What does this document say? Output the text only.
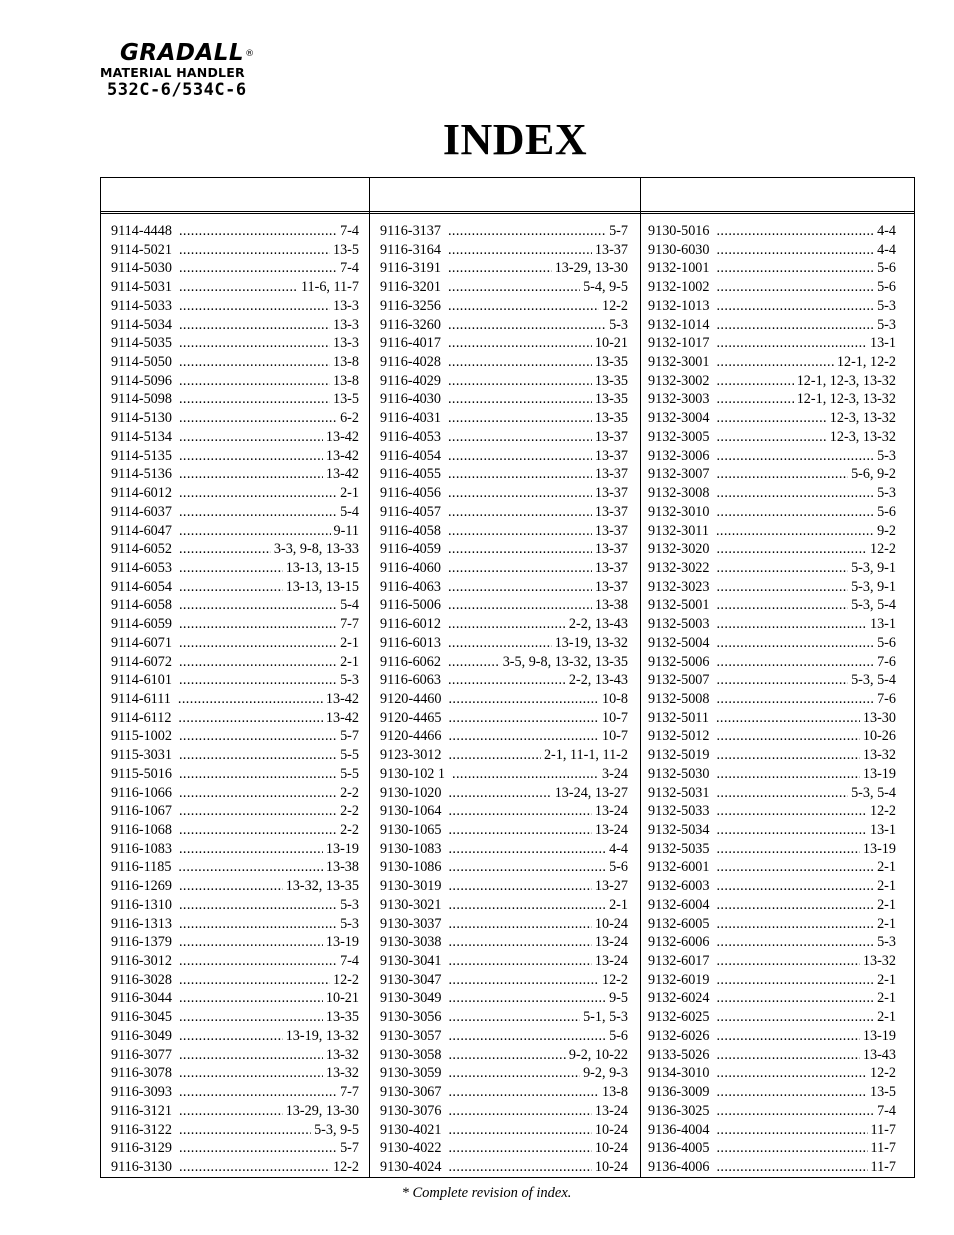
GRADALL®
MATERIAL HANDLER
532C-6/534C-6
INDEX
9114-4448 .....	7-4
9114-5021 .....	13-5
9114-5030 .....	7-4
9114-5031 .....	11-6, 11-7
9114-5033 .....	13-3
9114-5034 .....	13-3
9114-5035 .....	13-3
9114-5050 .....	13-8
9114-5096 .....	13-8
9114-5098 .....	13-5
9114-5130 .....	6-2
9114-5134 .....	13-42
9114-5135 .....	13-42
9114-5136 .....	13-42
9114-6012 .....	2-1
9114-6037 .....	5-4
9114-6047 .....	9-11
9114-6052 .....	3-3, 9-8, 13-33
9114-6053 .....	13-13, 13-15
9114-6054 .....	13-13, 13-15
9114-6058 .....	5-4
9114-6059 .....	7-7
9114-6071 .....	2-1
9114-6072 .....	2-1
9114-6101 .....	5-3
9114-6111 .....	13-42
9114-6112 .....	13-42
9115-1002 .....	5-7
9115-3031 .....	5-5
9115-5016 .....	5-5
9116-1066 .....	2-2
9116-1067 .....	2-2
9116-1068 .....	2-2
9116-1083 .....	13-19
9116-1185 .....	13-38
9116-1269 .....	13-32, 13-35
9116-1310 .....	5-3
9116-1313 .....	5-3
9116-1379 .....	13-19
9116-3012 .....	7-4
9116-3028 .....	12-2
9116-3044 .....	10-21
9116-3045 .....	13-35
9116-3049 .....	13-19, 13-32
9116-3077 .....	13-32
9116-3078 .....	13-32
9116-3093 .....	7-7
9116-3121 .....	13-29, 13-30
9116-3122 .....	5-3, 9-5
9116-3129 .....	5-7
9116-3130 .....	12-2
9116-3137 .....	5-7
9116-3164 .....	13-37
9116-3191 .....	13-29, 13-30
9116-3201 .....	5-4, 9-5
9116-3256 .....	12-2
9116-3260 .....	5-3
9116-4017 .....	10-21
9116-4028 .....	13-35
9116-4029 .....	13-35
9116-4030 .....	13-35
9116-4031 .....	13-35
9116-4053 .....	13-37
9116-4054 .....	13-37
9116-4055 .....	13-37
9116-4056 .....	13-37
9116-4057 .....	13-37
9116-4058 .....	13-37
9116-4059 .....	13-37
9116-4060 .....	13-37
9116-4063 .....	13-37
9116-5006 .....	13-38
9116-6012 .....	2-2, 13-43
9116-6013 .....	13-19, 13-32
9116-6062 .....	3-5, 9-8, 13-32, 13-35
9116-6063 .....	2-2, 13-43
9120-4460 .....	10-8
9120-4465 .....	10-7
9120-4466 .....	10-7
9123-3012 .....	2-1, 11-1, 11-2
9130-102 1 .....	3-24
9130-1020 .....	13-24, 13-27
9130-1064 .....	13-24
9130-1065 .....	13-24
9130-1083 .....	4-4
9130-1086 .....	5-6
9130-3019 .....	13-27
9130-3021 .....	2-1
9130-3037 .....	10-24
9130-3038 .....	13-24
9130-3041 .....	13-24
9130-3047 .....	12-2
9130-3049 .....	9-5
9130-3056 .....	5-1, 5-3
9130-3057 .....	5-6
9130-3058 .....	9-2, 10-22
9130-3059 .....	9-2, 9-3
9130-3067 .....	13-8
9130-3076 .....	13-24
9130-4021 .....	10-24
9130-4022 .....	10-24
9130-4024 .....	10-24
9130-5016 .....	4-4
9130-6030 .....	4-4
9132-1001 .....	5-6
9132-1002 .....	5-6
9132-1013 .....	5-3
9132-1014 .....	5-3
9132-1017 .....	13-1
9132-3001 .....	12-1, 12-2
9132-3002 .....	12-1, 12-3, 13-32
9132-3003 .....	12-1, 12-3, 13-32
9132-3004 .....	12-3, 13-32
9132-3005 .....	12-3, 13-32
9132-3006 .....	5-3
9132-3007 .....	5-6, 9-2
9132-3008 .....	5-3
9132-3010 .....	5-6
9132-3011 .....	9-2
9132-3020 .....	12-2
9132-3022 .....	5-3, 9-1
9132-3023 .....	5-3, 9-1
9132-5001 .....	5-3, 5-4
9132-5003 .....	13-1
9132-5004 .....	5-6
9132-5006 .....	7-6
9132-5007 .....	5-3, 5-4
9132-5008 .....	7-6
9132-5011 .....	13-30
9132-5012 .....	10-26
9132-5019 .....	13-32
9132-5030 .....	13-19
9132-5031 .....	5-3, 5-4
9132-5033 .....	12-2
9132-5034 .....	13-1
9132-5035 .....	13-19
9132-6001 .....	2-1
9132-6003 .....	2-1
9132-6004 .....	2-1
9132-6005 .....	2-1
9132-6006 .....	5-3
9132-6017 .....	13-32
9132-6019 .....	2-1
9132-6024 .....	2-1
9132-6025 .....	2-1
9132-6026 .....	13-19
9133-5026 .....	13-43
9134-3010 .....	12-2
9136-3009 .....	13-5
9136-3025 .....	7-4
9136-4004 .....	11-7
9136-4005 .....	11-7
9136-4006 .....	11-7
* Complete revision of index.
